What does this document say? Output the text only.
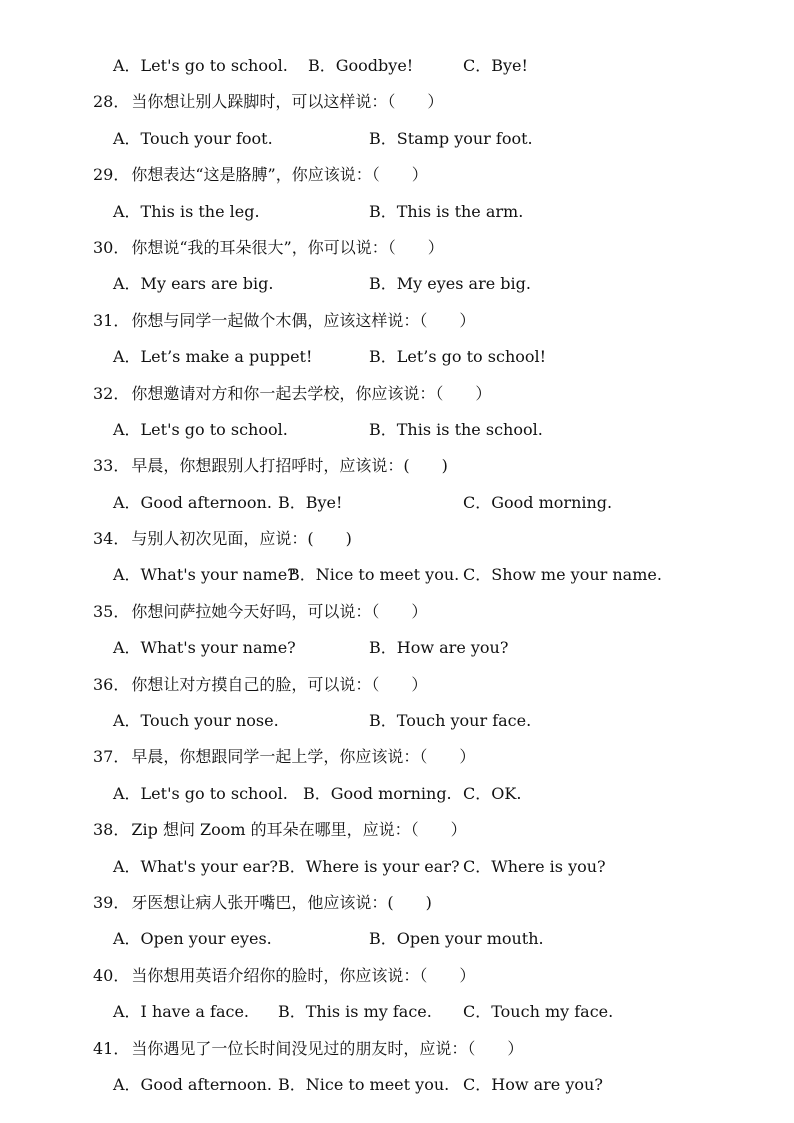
A．Let's go to school. B．Goodbye!	C．Bye!
28． 当你想让别人跺脚时，可以这样说：（　　）
A．Touch your foot.	B．Stamp your foot.
29． 你想表达“这是胳膊”，你应该说：（　　）
A．This is the leg.	B．This is the arm.
30． 你想说“我的耳朵很大”，你可以说：（　　）
A．My ears are big.	B．My eyes are big.
31． 你想与同学一起做个木偶，应该这样说：（　　）
A．Let’s make a puppet!	B．Let’s go to school!
32． 你想邀请对方和你一起去学校，你应该说：（　　）
A．Let's go to school.	B．This is the school.
33． 早晨，你想跟别人打招呼时，应该说：(　　)
A．Good afternoon. B．Bye!	C．Good morning.
34． 与别人初次见面，应说：(　　)
A．What's your name?
B．Nice to meet you. C．Show me your name.
35． 你想问萨拉她今天好吗，可以说：（　　）
A．What's your name?	B．How are you?
36． 你想让对方摸自己的脸，可以说：（　　）
A．Touch your nose.	B．Touch your face.
37． 早晨，你想跟同学一起上学，你应该说：（　　）
A．Let's go to school. B．Good morning. C．OK.
38． Zip 想问 Zoom 的耳朵在哪里，应说：（　　）
A．What's your ear? B．Where is your ear? C．Where is you?
39． 牙医想让病人张开嘴巴，他应该说：(　　)
A．Open your eyes.	B．Open your mouth.
40． 当你想用英语介绍你的脸时，你应该说：（　　）
A．I have a face. B．This is my face. C．Touch my face.
41． 当你遇见了一位长时间没见过的朋友时，应说：（　　）
A．Good afternoon. B．Nice to meet you. C．How are you?
